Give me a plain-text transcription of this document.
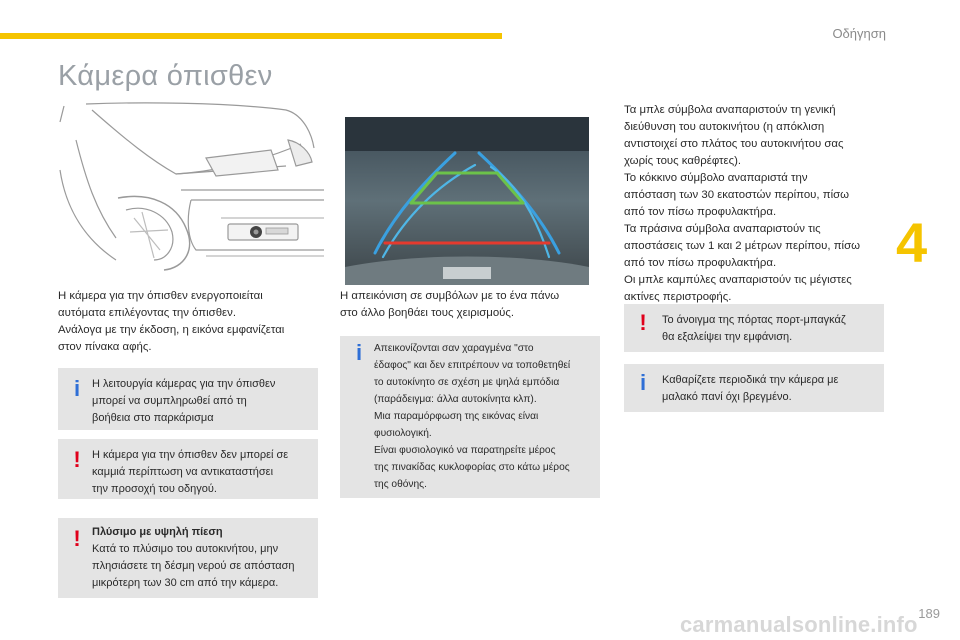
Οδήγηση
Κάμερα όπισθεν
4
189

Η κάμερα για την όπισθεν ενεργοποιείται

αυτόματα επιλέγοντας την όπισθεν.

Ανάλογα με την έκδοση, η εικόνα εμφανίζεται

στον πίνακα αφής.

i	Η λειτουργία κάμερας για την όπισθεν

μπορεί να συμπληρωθεί από τη

βοήθεια στο παρκάρισμα

!	Η κάμερα για την όπισθεν δεν μπορεί σε

καμμιά περίπτωση να αντικαταστήσει

την προσοχή του οδηγού.

!	Πλύσιμο με υψηλή πίεση

Κατά το πλύσιμο του αυτοκινήτου, μην

πλησιάσετε τη δέσμη νερού σε απόσταση

μικρότερη των 30 cm από την κάμερα.

Η απεικόνιση σε συμβόλων με το ένα πάνω

στο άλλο βοηθάει τους χειρισμούς.

i	Απεικονίζονται σαν χαραγμένα "στο

έδαφος" και δεν επιτρέπουν να τοποθετηθεί

το αυτοκίνητο σε σχέση με ψηλά εμπόδια

(παράδειγμα: άλλα αυτοκίνητα κλπ).

Μια παραμόρφωση της εικόνας είναι

φυσιολογική.

Είναι φυσιολογικό να παρατηρείτε μέρος

της πινακίδας κυκλοφορίας στο κάτω μέρος

της οθόνης.

Τα μπλε σύμβολα αναπαριστούν τη γενική

διεύθυνση του αυτοκινήτου (η απόκλιση

αντιστοιχεί στο πλάτος του αυτοκινήτου σας

χωρίς τους καθρέφτες).

Το κόκκινο σύμβολο αναπαριστά την

απόσταση των 30 εκατοστών περίπου, πίσω

από τον πίσω προφυλακτήρα.

Τα πράσινα σύμβολα αναπαριστούν τις

αποστάσεις των 1 και 2 μέτρων περίπου, πίσω

από τον πίσω προφυλακτήρα.

Οι μπλε καμπύλες αναπαριστούν τις μέγιστες

ακτίνες περιστροφής.

!	Το άνοιγμα της πόρτας πορτ-μπαγκάζ

θα εξαλείψει την εμφάνιση.

i	Καθαρίζετε περιοδικά την κάμερα με

μαλακό πανί όχι βρεγμένο.

carmanualsonline.info
